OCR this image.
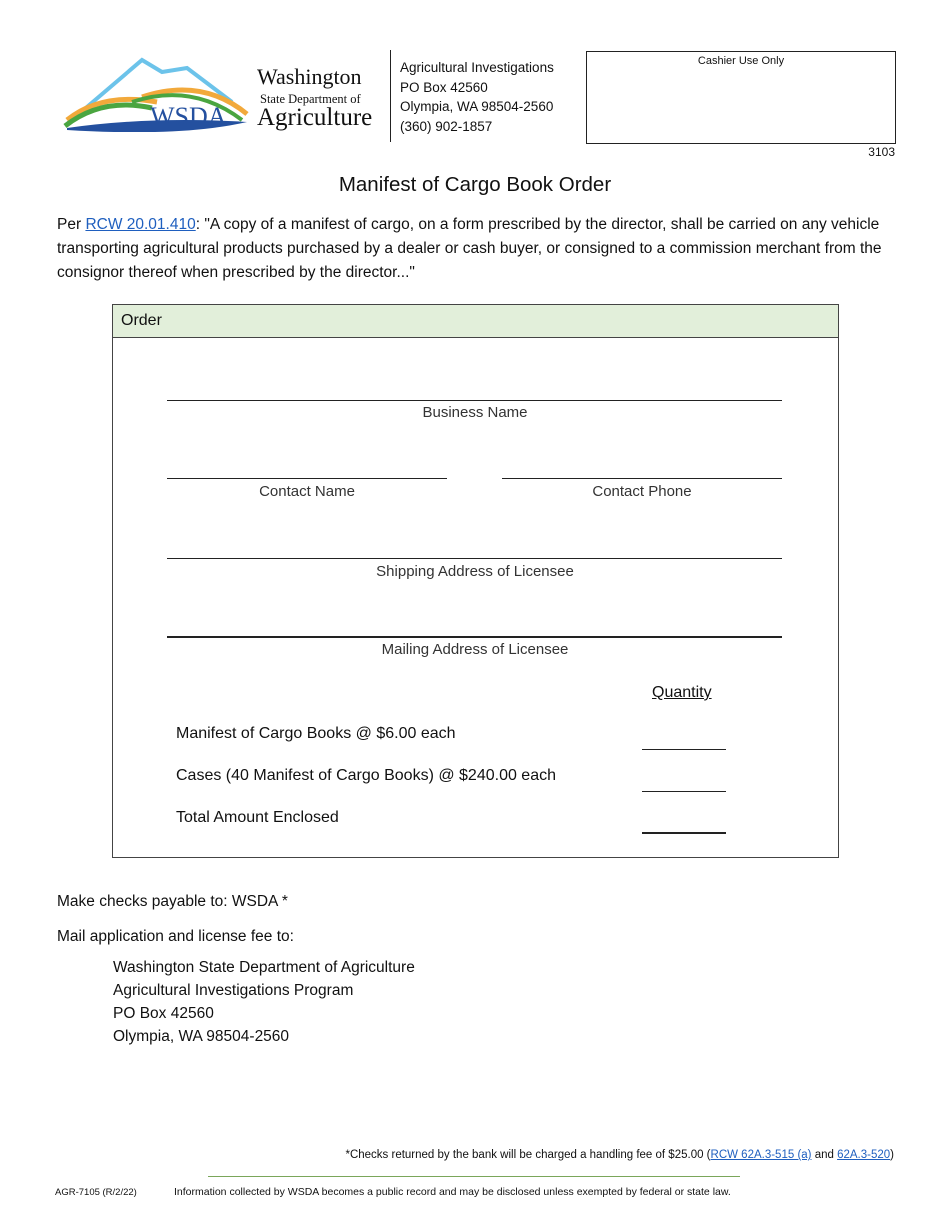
WSDA
Washington
State Department of
Agriculture
Agricultural Investigations
PO Box 42560
Olympia, WA 98504-2560
(360) 902-1857
Cashier Use Only
3103
Manifest of Cargo Book Order
Per RCW 20.01.410: "A copy of a manifest of cargo, on a form prescribed by the director, shall be carried on any vehicle transporting agricultural products purchased by a dealer or cash buyer, or consigned to a commission merchant from the consignor thereof when prescribed by the director..."
Order
Business Name
Contact Name	Contact Phone
Shipping Address of Licensee
Mailing Address of Licensee
Quantity
Manifest of Cargo Books @ $6.00 each
Cases (40 Manifest of Cargo Books) @ $240.00 each
Total Amount Enclosed
Make checks payable to: WSDA *
Mail application and license fee to:
Washington State Department of Agriculture
Agricultural Investigations Program
PO Box 42560
Olympia, WA 98504-2560
*Checks returned by the bank will be charged a handling fee of $25.00 (RCW 62A.3-515 (a) and 62A.3-520)
AGR-7105 (R/2/22)	Information collected by WSDA becomes a public record and may be disclosed unless exempted by federal or state law.
